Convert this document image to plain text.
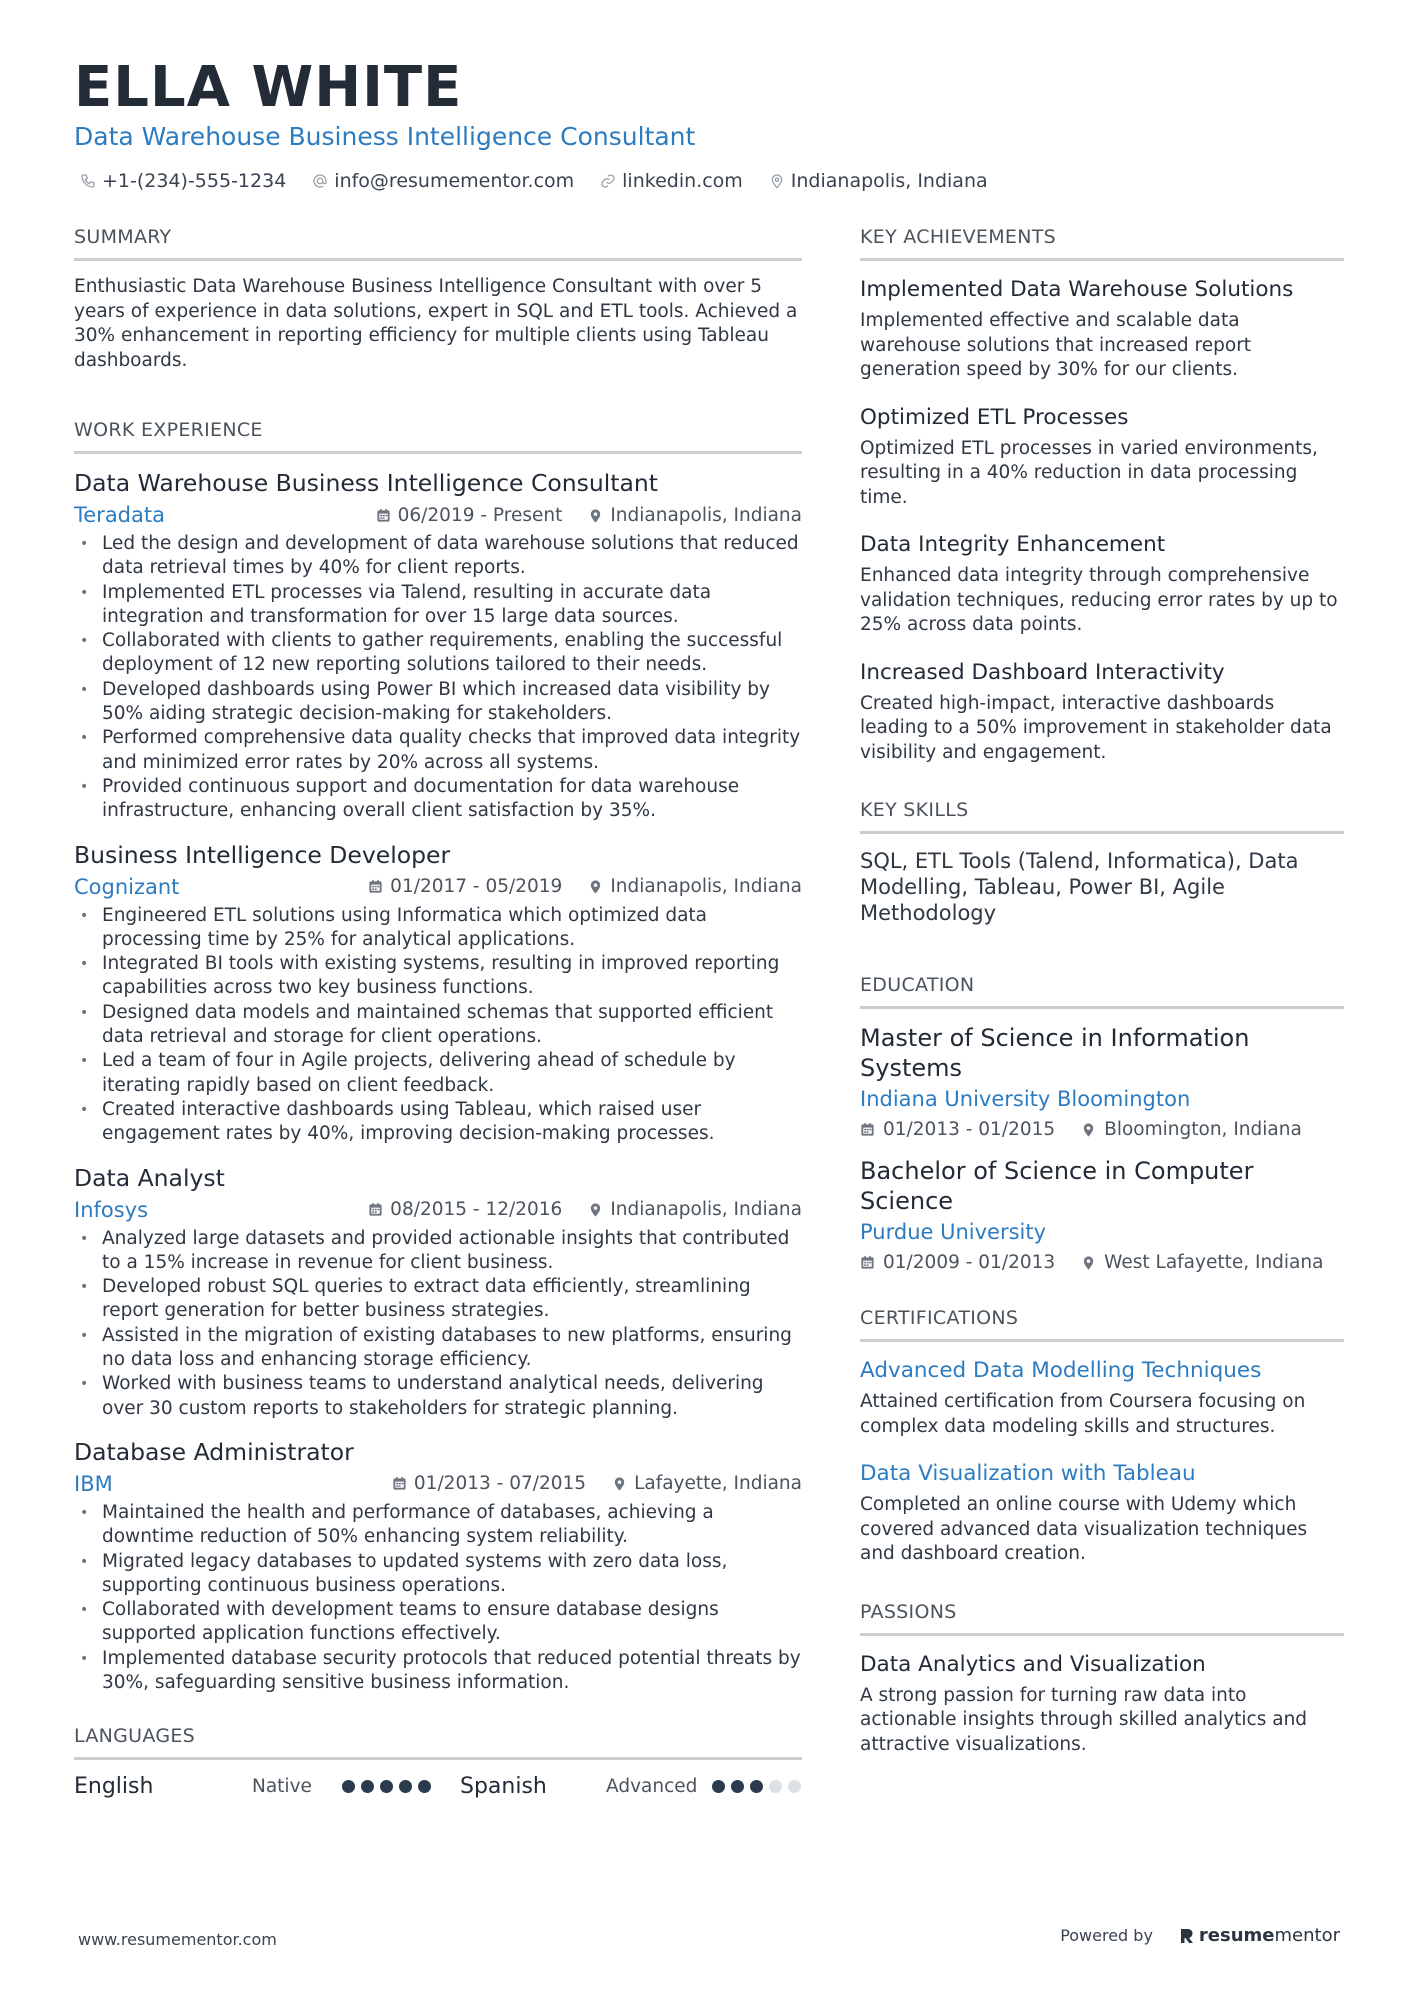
ELLA WHITE
Data Warehouse Business Intelligence Consultant
+1-(234)-555-1234	info@resumementor.com	linkedin.com	Indianapolis, Indiana
SUMMARY
Enthusiastic Data Warehouse Business Intelligence Consultant with over 5 years of experience in data solutions, expert in SQL and ETL tools. Achieved a 30% enhancement in reporting efficiency for multiple clients using Tableau dashboards.
WORK EXPERIENCE
Data Warehouse Business Intelligence Consultant
Teradata	06/2019 - Present	Indianapolis, Indiana
• Led the design and development of data warehouse solutions that reduced data retrieval times by 40% for client reports.
• Implemented ETL processes via Talend, resulting in accurate data integration and transformation for over 15 large data sources.
• Collaborated with clients to gather requirements, enabling the successful deployment of 12 new reporting solutions tailored to their needs.
• Developed dashboards using Power BI which increased data visibility by 50% aiding strategic decision-making for stakeholders.
• Performed comprehensive data quality checks that improved data integrity and minimized error rates by 20% across all systems.
• Provided continuous support and documentation for data warehouse infrastructure, enhancing overall client satisfaction by 35%.
Business Intelligence Developer
Cognizant	01/2017 - 05/2019	Indianapolis, Indiana
• Engineered ETL solutions using Informatica which optimized data processing time by 25% for analytical applications.
• Integrated BI tools with existing systems, resulting in improved reporting capabilities across two key business functions.
• Designed data models and maintained schemas that supported efficient data retrieval and storage for client operations.
• Led a team of four in Agile projects, delivering ahead of schedule by iterating rapidly based on client feedback.
• Created interactive dashboards using Tableau, which raised user engagement rates by 40%, improving decision-making processes.
Data Analyst
Infosys	08/2015 - 12/2016	Indianapolis, Indiana
• Analyzed large datasets and provided actionable insights that contributed to a 15% increase in revenue for client business.
• Developed robust SQL queries to extract data efficiently, streamlining report generation for better business strategies.
• Assisted in the migration of existing databases to new platforms, ensuring no data loss and enhancing storage efficiency.
• Worked with business teams to understand analytical needs, delivering over 30 custom reports to stakeholders for strategic planning.
Database Administrator
IBM	01/2013 - 07/2015	Lafayette, Indiana
• Maintained the health and performance of databases, achieving a downtime reduction of 50% enhancing system reliability.
• Migrated legacy databases to updated systems with zero data loss, supporting continuous business operations.
• Collaborated with development teams to ensure database designs supported application functions effectively.
• Implemented database security protocols that reduced potential threats by 30%, safeguarding sensitive business information.
LANGUAGES
English	Native	Spanish	Advanced
KEY ACHIEVEMENTS
Implemented Data Warehouse Solutions
Implemented effective and scalable data warehouse solutions that increased report generation speed by 30% for our clients.
Optimized ETL Processes
Optimized ETL processes in varied environments, resulting in a 40% reduction in data processing time.
Data Integrity Enhancement
Enhanced data integrity through comprehensive validation techniques, reducing error rates by up to 25% across data points.
Increased Dashboard Interactivity
Created high-impact, interactive dashboards leading to a 50% improvement in stakeholder data visibility and engagement.
KEY SKILLS
SQL, ETL Tools (Talend, Informatica), Data Modelling, Tableau, Power BI, Agile Methodology
EDUCATION
Master of Science in Information Systems
Indiana University Bloomington
01/2013 - 01/2015	Bloomington, Indiana
Bachelor of Science in Computer Science
Purdue University
01/2009 - 01/2013	West Lafayette, Indiana
CERTIFICATIONS
Advanced Data Modelling Techniques
Attained certification from Coursera focusing on complex data modeling skills and structures.
Data Visualization with Tableau
Completed an online course with Udemy which covered advanced data visualization techniques and dashboard creation.
PASSIONS
Data Analytics and Visualization
A strong passion for turning raw data into actionable insights through skilled analytics and attractive visualizations.
www.resumementor.com	Powered by	resumementor
